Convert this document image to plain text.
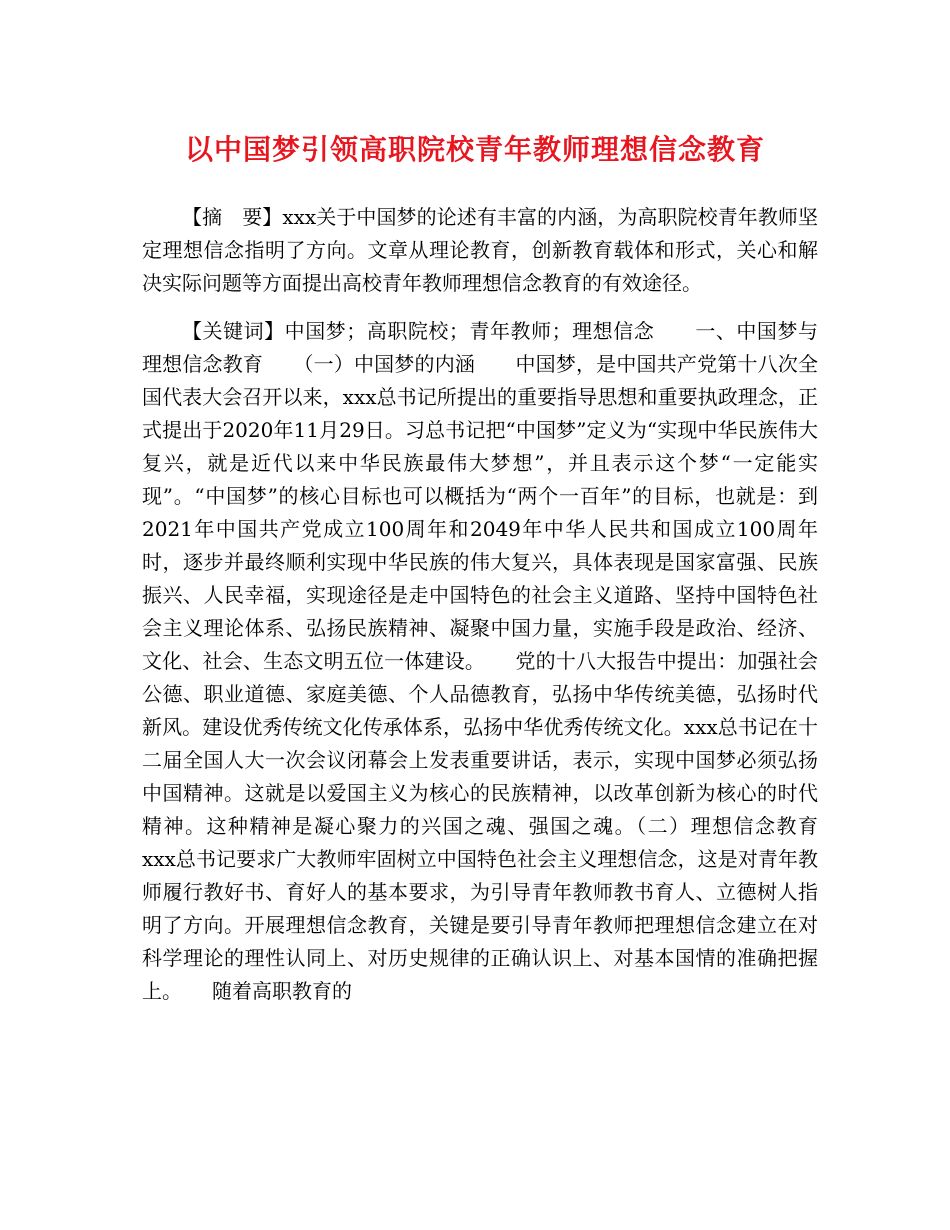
以中国梦引领高职院校青年教师理想信念教育

【摘　要】xxx关于中国梦的论述有丰富的内涵，为高职院校青年教师坚定理想信念指明了方向。文章从理论教育，创新教育载体和形式，关心和解决实际问题等方面提出高校青年教师理想信念教育的有效途径。

【关键词】中国梦；高职院校；青年教师；理想信念　　一、中国梦与理想信念教育　　（一）中国梦的内涵　　中国梦，是中国共产党第十八次全国代表大会召开以来，xxx总书记所提出的重要指导思想和重要执政理念，正式提出于2020年11月29日。习总书记把“中国梦”定义为“实现中华民族伟大复兴，就是近代以来中华民族最伟大梦想”，并且表示这个梦“一定能实现”。“中国梦”的核心目标也可以概括为“两个一百年”的目标，也就是：到2021年中国共产党成立100周年和2049年中华人民共和国成立100周年时，逐步并最终顺利实现中华民族的伟大复兴，具体表现是国家富强、民族振兴、人民幸福，实现途径是走中国特色的社会主义道路、坚持中国特色社会主义理论体系、弘扬民族精神、凝聚中国力量，实施手段是政治、经济、文化、社会、生态文明五位一体建设。　　党的十八大报告中提出：加强社会公德、职业道德、家庭美德、个人品德教育，弘扬中华传统美德，弘扬时代新风。建设优秀传统文化传承体系，弘扬中华优秀传统文化。xxx总书记在十二届全国人大一次会议闭幕会上发表重要讲话，表示，实现中国梦必须弘扬中国精神。这就是以爱国主义为核心的民族精神，以改革创新为核心的时代精神。这种精神是凝心聚力的兴国之魂、强国之魂。（二）理想信念教育　　xxx总书记要求广大教师牢固树立中国特色社会主义理想信念，这是对青年教师履行教好书、育好人的基本要求，为引导青年教师教书育人、立德树人指明了方向。开展理想信念教育，关键是要引导青年教师把理想信念建立在对科学理论的理性认同上、对历史规律的正确认识上、对基本国情的准确把握上。　　随着高职教育的
